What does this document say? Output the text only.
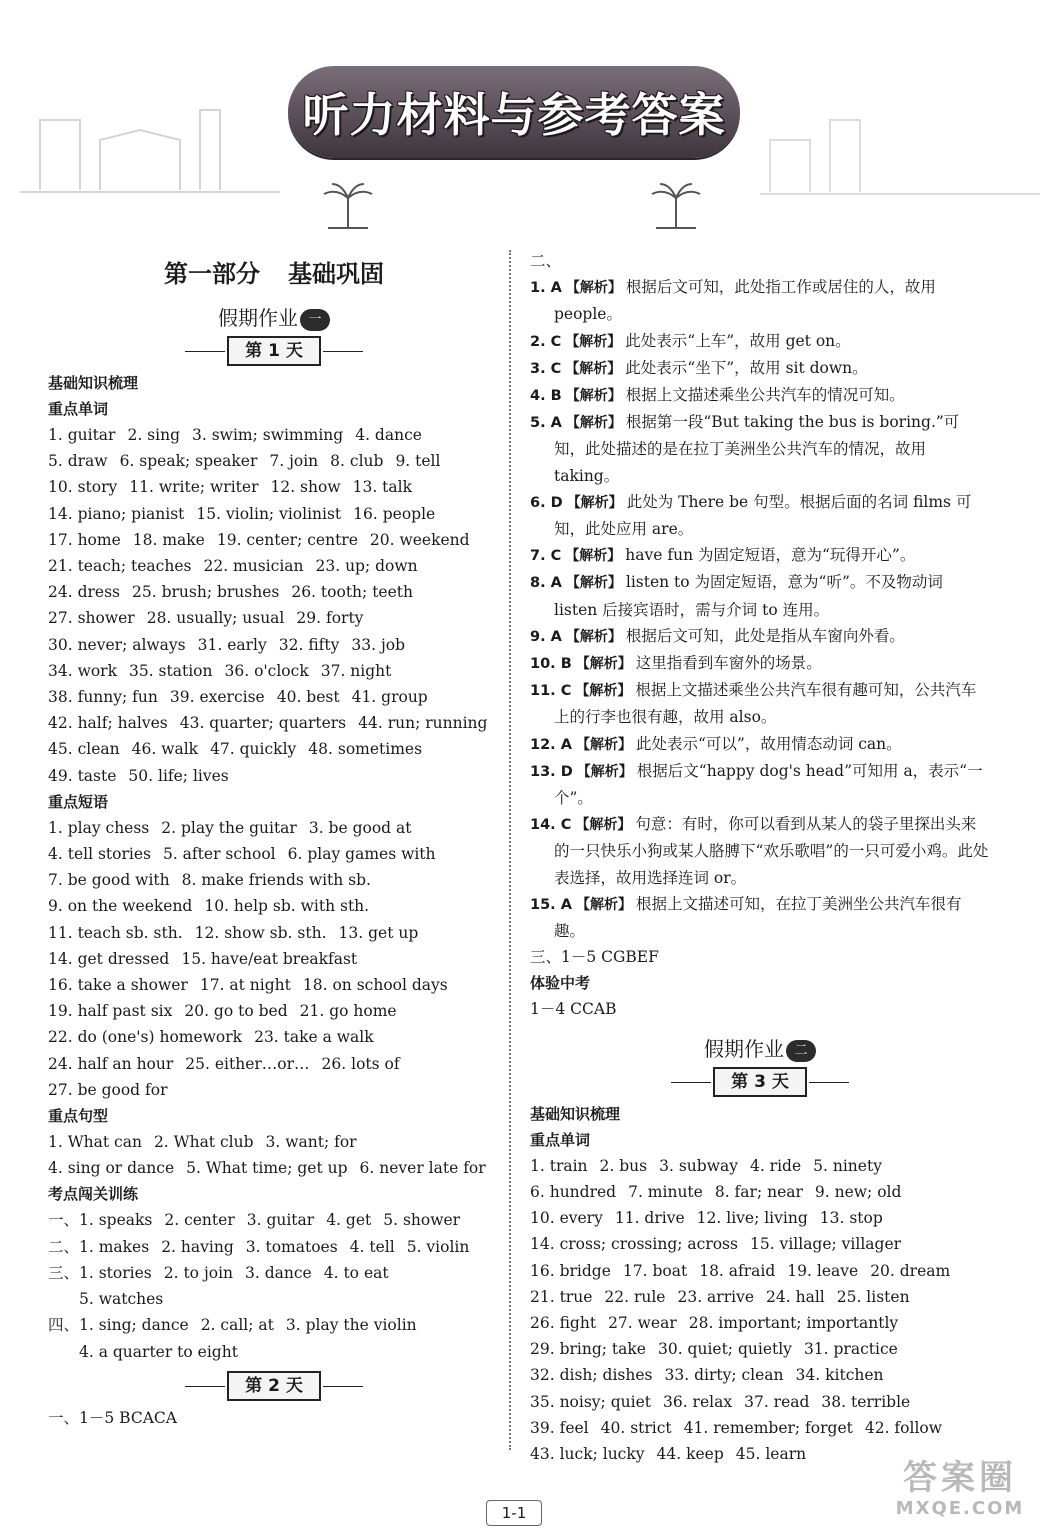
听力材料与参考答案
第一部分 基础巩固
假期作业 一
第 1 天
基础知识梳理
重点单词
1. guitar 2. sing 3. swim; swimming 4. dance
5. draw 6. speak; speaker 7. join 8. club 9. tell
10. story 11. write; writer 12. show 13. talk
14. piano; pianist 15. violin; violinist 16. people
17. home 18. make 19. center; centre 20. weekend
21. teach; teaches 22. musician 23. up; down
24. dress 25. brush; brushes 26. tooth; teeth
27. shower 28. usually; usual 29. forty
30. never; always 31. early 32. fifty 33. job
34. work 35. station 36. o'clock 37. night
38. funny; fun 39. exercise 40. best 41. group
42. half; halves 43. quarter; quarters 44. run; running
45. clean 46. walk 47. quickly 48. sometimes
49. taste 50. life; lives
重点短语
1. play chess 2. play the guitar 3. be good at
4. tell stories 5. after school 6. play games with
7. be good with 8. make friends with sb.
9. on the weekend 10. help sb. with sth.
11. teach sb. sth. 12. show sb. sth. 13. get up
14. get dressed 15. have/eat breakfast
16. take a shower 17. at night 18. on school days
19. half past six 20. go to bed 21. go home
22. do (one's) homework 23. take a walk
24. half an hour 25. either…or… 26. lots of
27. be good for
重点句型
1. What can 2. What club 3. want; for
4. sing or dance 5. What time; get up 6. never late for
考点闯关训练
一、1. speaks 2. center 3. guitar 4. get 5. shower
二、1. makes 2. having 3. tomatoes 4. tell 5. violin
三、1. stories 2. to join 3. dance 4. to eat
　　5. watches
四、1. sing; dance 2. call; at 3. play the violin
　　4. a quarter to eight
第 2 天
一、1－5 BCACA
二、
1. A 【解析】 根据后文可知，此处指工作或居住的人，故用 people。
2. C 【解析】 此处表示“上车”，故用 get on。
3. C 【解析】 此处表示“坐下”，故用 sit down。
4. B 【解析】 根据上文描述乘坐公共汽车的情况可知。
5. A 【解析】 根据第一段“But taking the bus is boring.”可知，此处描述的是在拉丁美洲坐公共汽车的情况，故用 taking。
6. D 【解析】 此处为 There be 句型。根据后面的名词 films 可知，此处应用 are。
7. C 【解析】 have fun 为固定短语，意为“玩得开心”。
8. A 【解析】 listen to 为固定短语，意为“听”。不及物动词 listen 后接宾语时，需与介词 to 连用。
9. A 【解析】 根据后文可知，此处是指从车窗向外看。
10. B 【解析】 这里指看到车窗外的场景。
11. C 【解析】 根据上文描述乘坐公共汽车很有趣可知，公共汽车上的行李也很有趣，故用 also。
12. A 【解析】 此处表示“可以”，故用情态动词 can。
13. D 【解析】 根据后文“happy dog's head”可知用 a，表示“一个”。
14. C 【解析】 句意：有时，你可以看到从某人的袋子里探出头来的一只快乐小狗或某人胳膊下“欢乐歌唱”的一只可爱小鸡。此处表选择，故用选择连词 or。
15. A 【解析】 根据上文描述可知，在拉丁美洲坐公共汽车很有趣。
三、1－5 CGBEF
体验中考
1－4 CCAB
假期作业 二
第 3 天
基础知识梳理
重点单词
1. train 2. bus 3. subway 4. ride 5. ninety
6. hundred 7. minute 8. far; near 9. new; old
10. every 11. drive 12. live; living 13. stop
14. cross; crossing; across 15. village; villager
16. bridge 17. boat 18. afraid 19. leave 20. dream
21. true 22. rule 23. arrive 24. hall 25. listen
26. fight 27. wear 28. important; importantly
29. bring; take 30. quiet; quietly 31. practice
32. dish; dishes 33. dirty; clean 34. kitchen
35. noisy; quiet 36. relax 37. read 38. terrible
39. feel 40. strict 41. remember; forget 42. follow
43. luck; lucky 44. keep 45. learn
1-1
答案圈
MXQE.COM
